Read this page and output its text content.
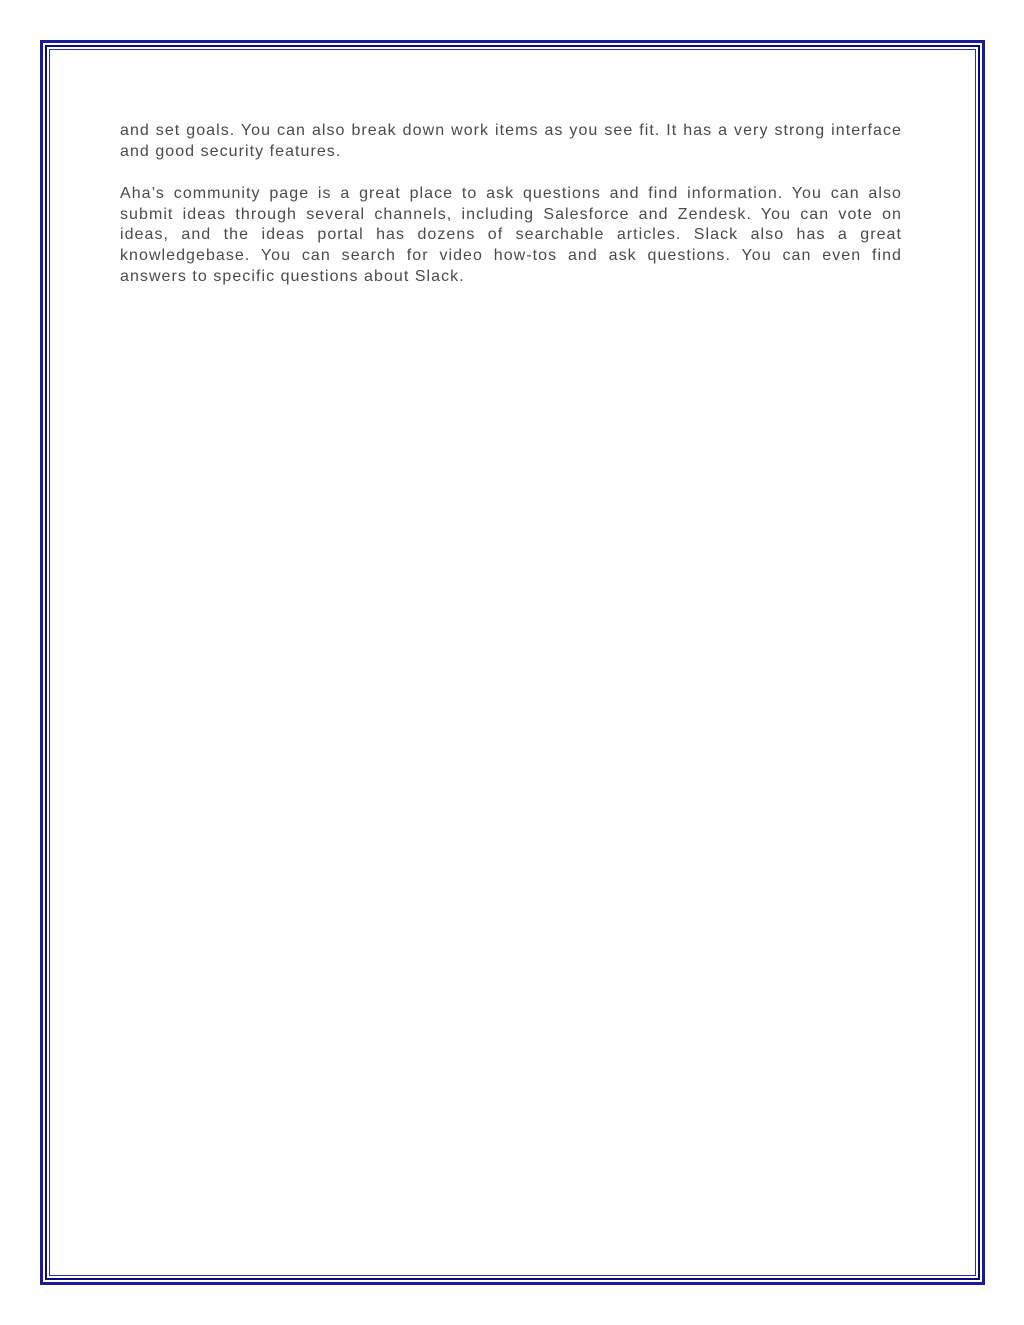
and set goals. You can also break down work items as you see fit. It has a very strong interface and good security features.

Aha’s community page is a great place to ask questions and find information. You can also submit ideas through several channels, including Salesforce and Zendesk. You can vote on ideas, and the ideas portal has dozens of searchable articles. Slack also has a great knowledgebase. You can search for video how-tos and ask questions. You can even find answers to specific questions about Slack.
